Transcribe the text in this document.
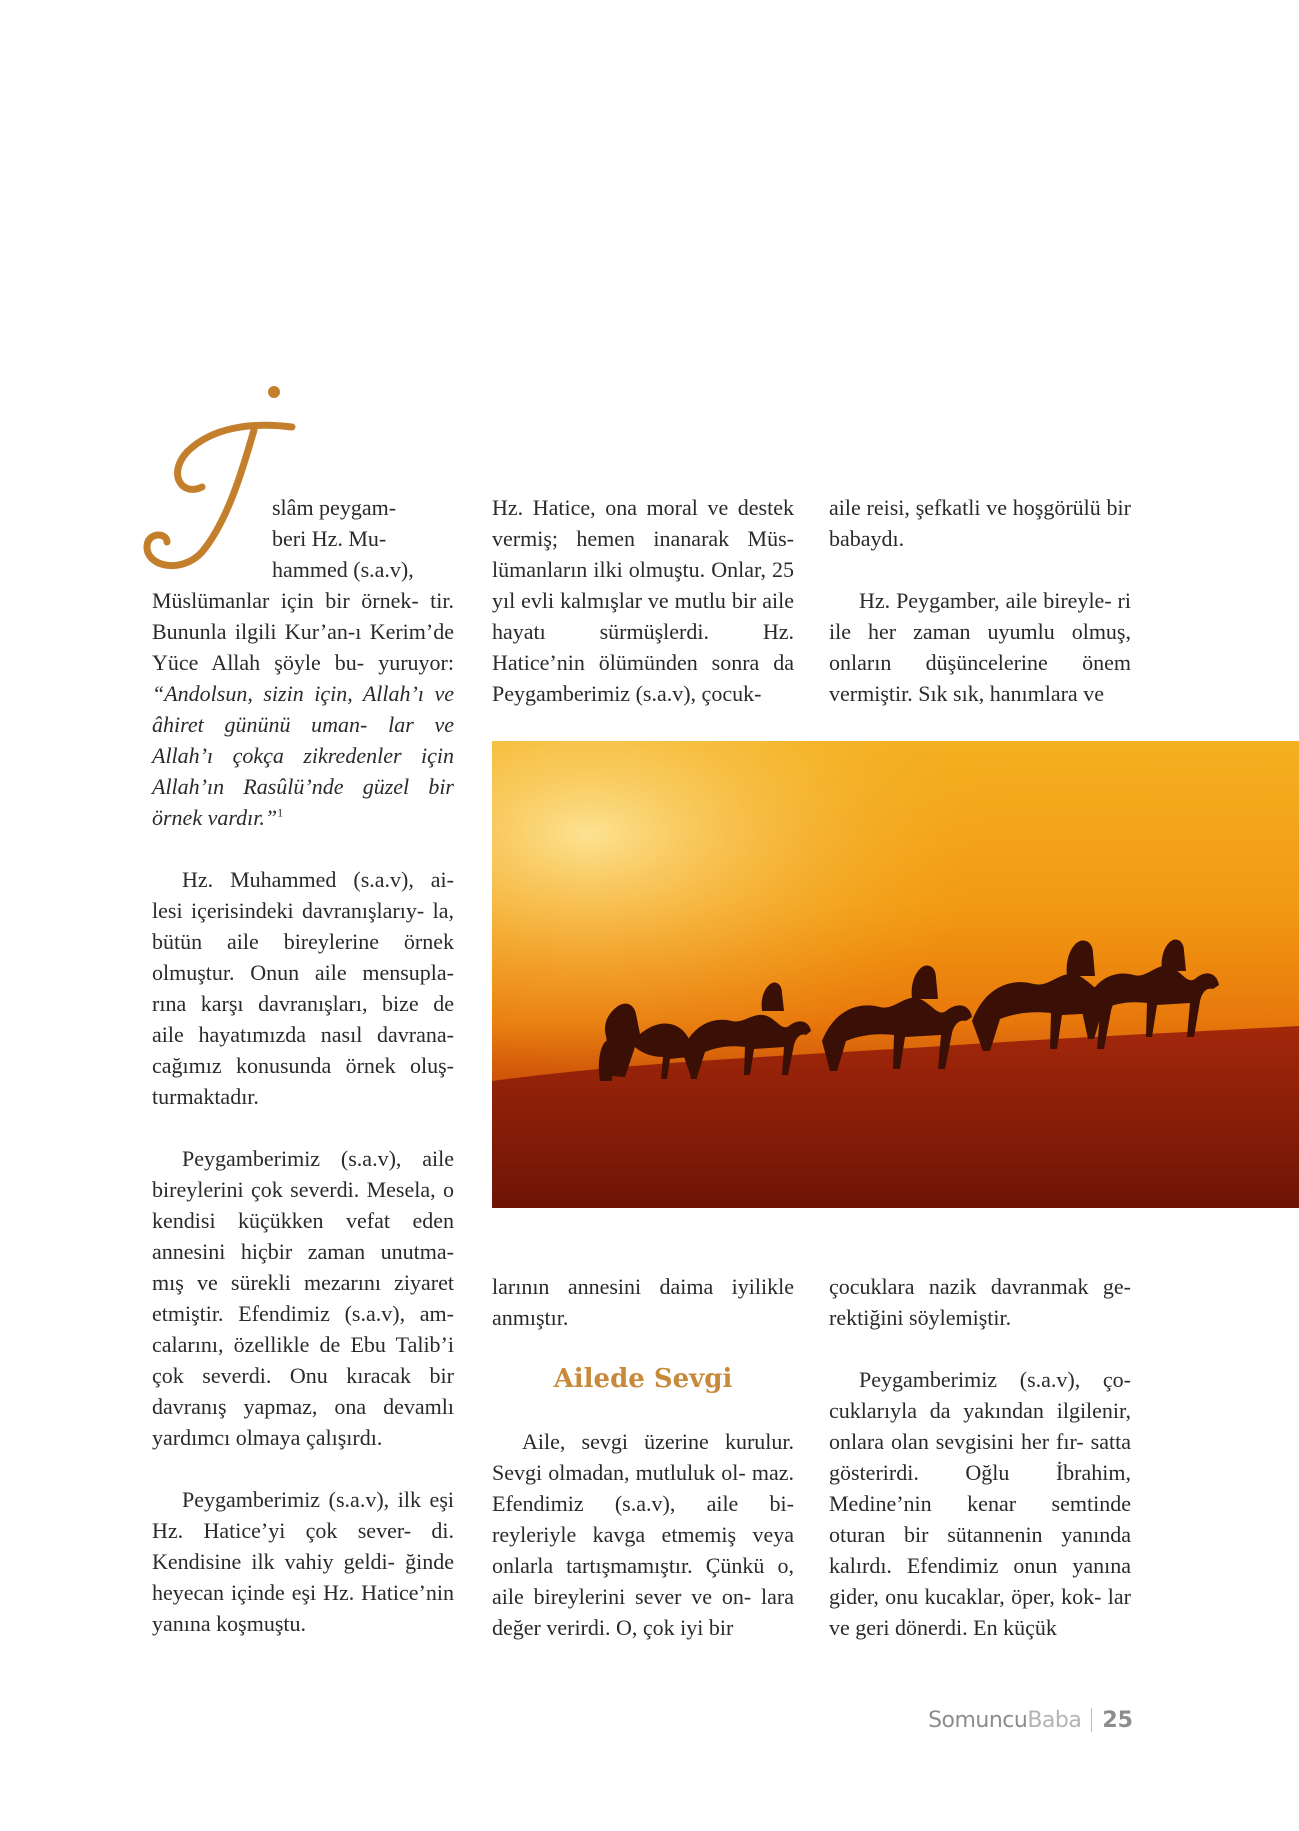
slâm peygam-
beri Hz. Mu-
hammed (s.a.v),
Müslümanlar için bir örnek- tir. Bununla ilgili Kur’an-ı Kerim’de Yüce Allah şöyle bu- yuruyor: “Andolsun, sizin için, Allah’ı ve âhiret gününü uman- lar ve Allah’ı çokça zikredenler için Allah’ın Rasûlü’nde güzel bir örnek vardır.”$^1$

Hz. Muhammed (s.a.v), ai- lesi içerisindeki davranışlarıy- la, bütün aile bireylerine örnek olmuştur. Onun aile mensupla- rına karşı davranışları, bize de aile hayatımızda nasıl davrana- cağımız konusunda örnek oluş- turmaktadır.

Peygamberimiz (s.a.v), aile bireylerini çok severdi. Mesela, o kendisi küçükken vefat eden annesini hiçbir zaman unutma- mış ve sürekli mezarını ziyaret etmiştir. Efendimiz (s.a.v), am- calarını, özellikle de Ebu Talib’i çok severdi. Onu kıracak bir davranış yapmaz, ona devamlı yardımcı olmaya çalışırdı.

Peygamberimiz (s.a.v), ilk eşi Hz. Hatice’yi çok sever- di. Kendisine ilk vahiy geldi- ğinde heyecan içinde eşi Hz. Hatice’nin yanına koşmuştu.

Hz. Hatice, ona moral ve destek vermiş; hemen inanarak Müs- lümanların ilki olmuştu. Onlar, 25 yıl evli kalmışlar ve mutlu bir aile hayatı sürmüşlerdi. Hz. Hatice’nin ölümünden sonra da Peygamberimiz (s.a.v), çocuk-

aile reisi, şefkatli ve hoşgörülü bir babaydı.

Hz. Peygamber, aile bireyle- ri ile her zaman uyumlu olmuş, onların düşüncelerine önem vermiştir. Sık sık, hanımlara ve

larının annesini daima iyilikle anmıştır.

Ailede Sevgi

Aile, sevgi üzerine kurulur. Sevgi olmadan, mutluluk ol- maz. Efendimiz (s.a.v), aile bi- reyleriyle kavga etmemiş veya onlarla tartışmamıştır. Çünkü o, aile bireylerini sever ve on- lara değer verirdi. O, çok iyi bir

çocuklara nazik davranmak ge- rektiğini söylemiştir.

Peygamberimiz (s.a.v), ço- cuklarıyla da yakından ilgilenir, onlara olan sevgisini her fır- satta gösterirdi. Oğlu İbrahim, Medine’nin kenar semtinde oturan bir sütannenin yanında kalırdı. Efendimiz onun yanına gider, onu kucaklar, öper, kok- lar ve geri dönerdi. En küçük

SomuncuBaba 25
